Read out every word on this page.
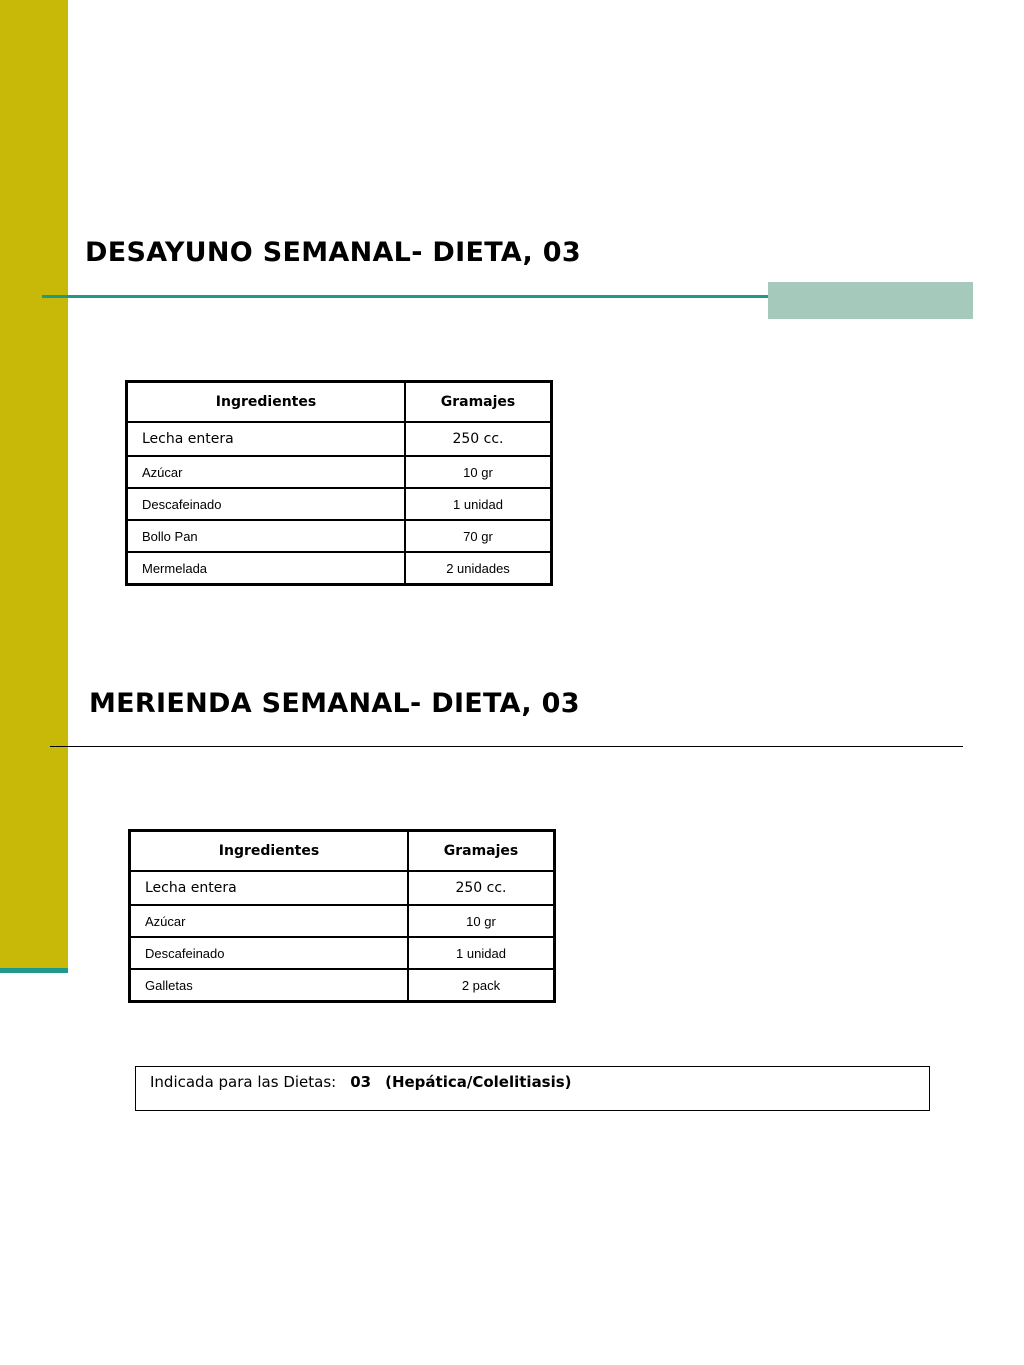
DESAYUNO SEMANAL- DIETA, 03
Ingredientes	Gramajes
Lecha entera	250 cc.
Azúcar	10 gr
Descafeinado	1 unidad
Bollo Pan	70 gr
Mermelada	2 unidades
MERIENDA SEMANAL- DIETA, 03
Ingredientes	Gramajes
Lecha entera	250 cc.
Azúcar	10 gr
Descafeinado	1 unidad
Galletas	2 pack
Indicada para las Dietas: 03 (Hepática/Colelitiasis)
